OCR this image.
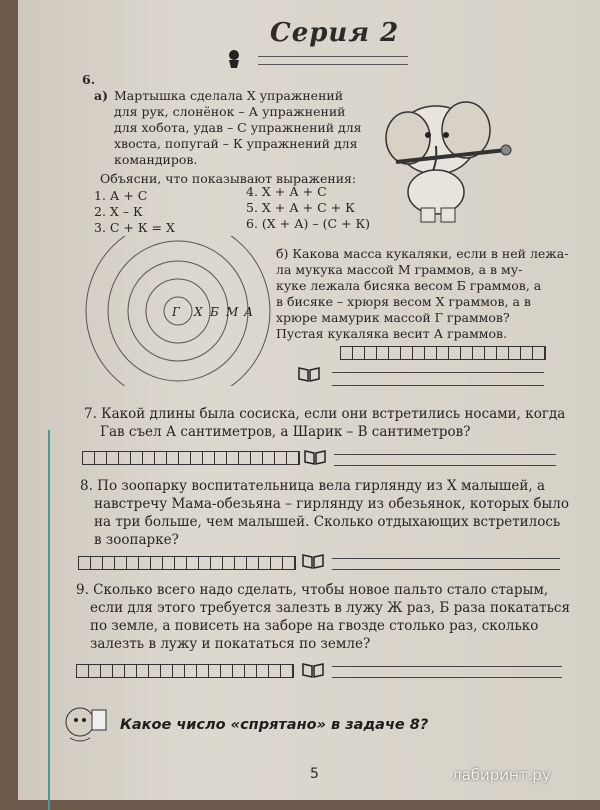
Серия 2
6.
а) Мартышка сделала X упражнений
для рук, слонёнок – А упражнений
для хобота, удав – С упражнений для
хвоста, попугай – К упражнений для
командиров.
Объясни, что показывают выражения:
1. А + С
2. X – К
3. С + К = X
4. X + А + С
5. X + А + С + К
6. (X + А) – (С + К)
Г X Б М А
б) Какова масса кукаляки, если в ней лежа-
ла мукука массой М граммов, а в му-
куке лежала бисяка весом Б граммов, а
в бисяке – хрюря весом X граммов, а в
хрюре мамурик массой Г граммов?
Пустая кукаляка весит А граммов.
7. Какой длины была сосиска, если они встретились носами, когда
Гав съел А сантиметров, а Шарик – В сантиметров?
8. По зоопарку воспитательница вела гирлянду из X малышей, а
навстречу Мама-обезьяна – гирлянду из обезьянок, которых было
на три больше, чем малышей. Сколько отдыхающих встретилось
в зоопарке?
9. Сколько всего надо сделать, чтобы новое пальто стало старым,
если для этого требуется залезть в лужу Ж раз, Б раза покататься
по земле, а повисеть на заборе на гвозде столько раз, сколько
залезть в лужу и покататься по земле?
Какое число «спрятано» в задаче 8?
5	лабиринт.ру
